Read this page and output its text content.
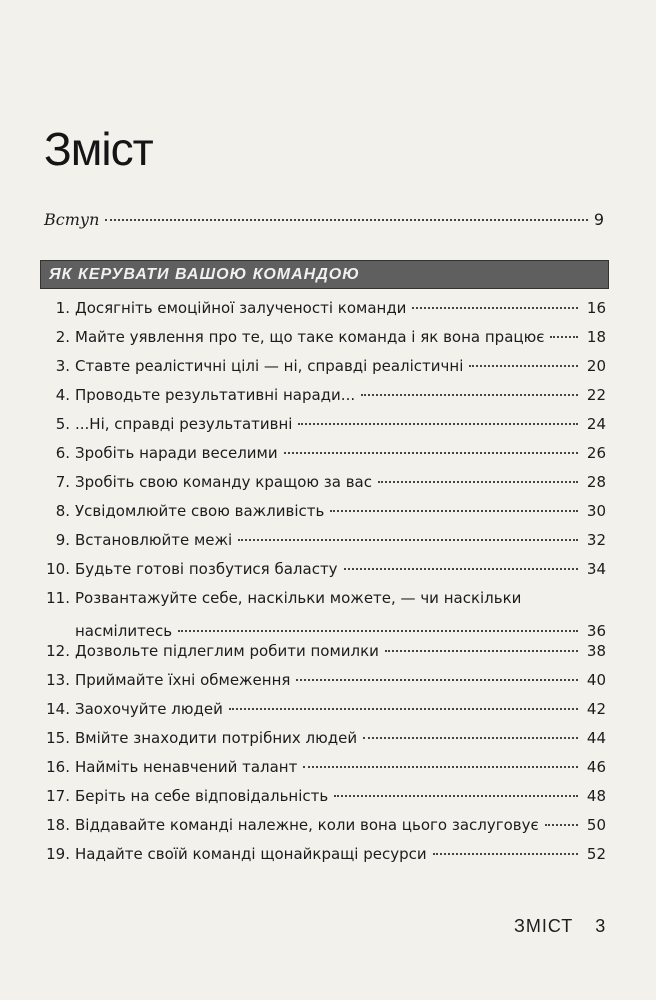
Зміст
Вступ	9
ЯК КЕРУВАТИ ВАШОЮ КОМАНДОЮ
1. Досягніть емоційної залученості команди	16
2. Майте уявлення про те, що таке команда і як вона працює	18
3. Ставте реалістичні цілі — ні, справді реалістичні	20
4. Проводьте результативні наради...	22
5. ...Ні, справді результативні	24
6. Зробіть наради веселими	26
7. Зробіть свою команду кращою за вас	28
8. Усвідомлюйте свою важливість	30
9. Встановлюйте межі	32
10. Будьте готові позбутися баласту	34
11. Розвантажуйте себе, наскільки можете, — чи наскільки
насмілитесь	36
12. Дозвольте підлеглим робити помилки	38
13. Приймайте їхні обмеження	40
14. Заохочуйте людей	42
15. Вмійте знаходити потрібних людей	44
16. Найміть ненавчений талант	46
17. Беріть на себе відповідальність	48
18. Віддавайте команді належне, коли вона цього заслуговує	50
19. Надайте своїй команді щонайкращі ресурси	52
ЗМІСТ 3
